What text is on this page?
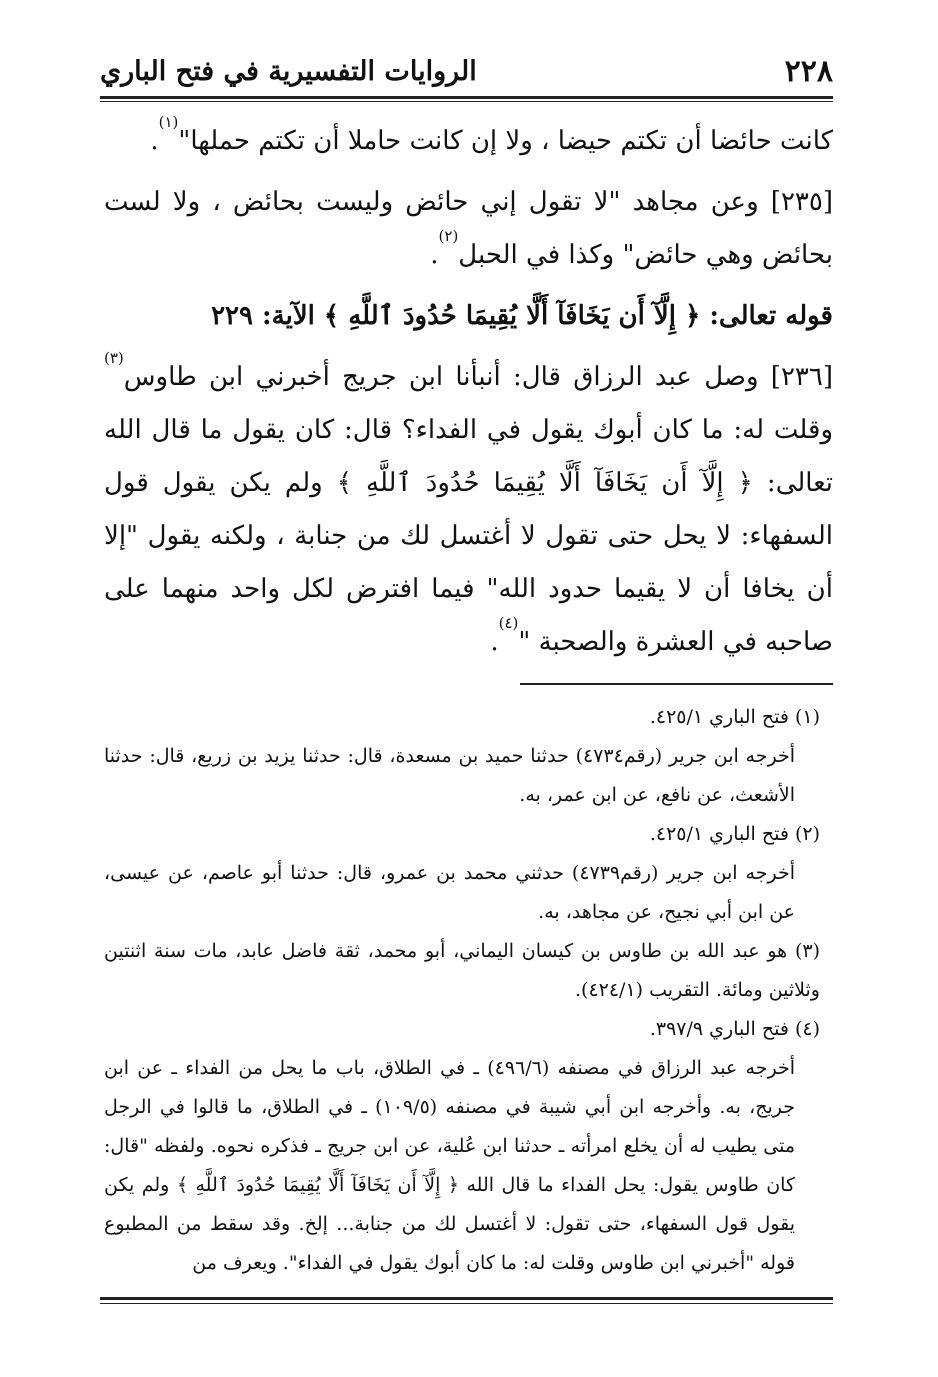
٢٢٨
الروايات التفسيرية في فتح الباري

كانت حائضا أن تكتم حيضا ، ولا إن كانت حاملا أن تكتم حملها"$^{(١)}$.

[٢٣٥] وعن مجاهد "لا تقول إني حائض وليست بحائض ، ولا لست بحائض وهي حائض" وكذا في الحبل$^{(٢)}$.

قوله تعالى: ﴿ إِلَّآ أَن يَخَافَآ أَلَّا يُقِيمَا حُدُودَ ٱللَّهِ ﴾ الآية: ٢٢٩

[٢٣٦] وصل عبد الرزاق قال: أنبأنا ابن جريج أخبرني ابن طاوس$^{(٣)}$ وقلت له: ما كان أبوك يقول في الفداء؟ قال: كان يقول ما قال الله تعالى: ﴿ إِلَّآ أَن يَخَافَآ أَلَّا يُقِيمَا حُدُودَ ٱللَّهِ ﴾ ولم يكن يقول قول السفهاء: لا يحل حتى تقول لا أغتسل لك من جنابة ، ولكنه يقول "إلا أن يخافا أن لا يقيما حدود الله" فيما افترض لكل واحد منهما على صاحبه في العشرة والصحبة "$^{(٤)}$.

(١) فتح الباري ٤٢٥/١.

أخرجه ابن جرير (رقم٤٧٣٤) حدثنا حميد بن مسعدة، قال: حدثنا يزيد بن زريع، قال: حدثنا الأشعث، عن نافع، عن ابن عمر، به.

(٢) فتح الباري ٤٢٥/١.

أخرجه ابن جرير (رقم٤٧٣٩) حدثني محمد بن عمرو، قال: حدثنا أبو عاصم، عن عيسى، عن ابن أبي نجيح، عن مجاهد، به.

(٣) هو عبد الله بن طاوس بن كيسان اليماني، أبو محمد، ثقة فاضل عابد، مات سنة اثنتين وثلاثين ومائة. التقريب (٤٢٤/١).

(٤) فتح الباري ٣٩٧/٩.

أخرجه عبد الرزاق في مصنفه (٤٩٦/٦) ـ في الطلاق، باب ما يحل من الفداء ـ عن ابن جريج، به. وأخرجه ابن أبي شيبة في مصنفه (١٠٩/٥) ـ في الطلاق، ما قالوا في الرجل متى يطيب له أن يخلع امرأته ـ حدثنا ابن عُلية، عن ابن جريج ـ فذكره نحوه. ولفظه "قال: كان طاوس يقول: يحل الفداء ما قال الله ﴿ إِلَّآ أَن يَخَافَآ أَلَّا يُقِيمَا حُدُودَ ٱللَّهِ ﴾ ولم يكن يقول قول السفهاء، حتى تقول: لا أغتسل لك من جنابة... إلخ. وقد سقط من المطبوع قوله "أخبرني ابن طاوس وقلت له: ما كان أبوك يقول في الفداء". ويعرف من
